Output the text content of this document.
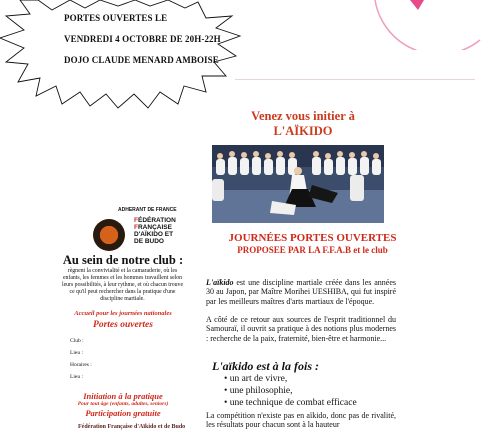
PORTES OUVERTES LE
VENDREDI 4 OCTOBRE DE 20H-22H
DOJO CLAUDE MENARD AMBOISE
Venez vous initier à
L'AÏKIDO
JOURNÉES PORTES OUVERTES
PROPOSEE PAR LA F.F.A.B et le club
L'aïkido est une discipline martiale créée dans les années 30 au Japon, par Maître Morihei UESHIBA, qui fut inspiré par les meilleurs maîtres d'arts martiaux de l'époque.
A côté de ce retour aux sources de l'esprit traditionnel du Samouraï, il ouvrit sa pratique à des notions plus modernes : recherche de la paix, fraternité, bien-être et harmonie...
L'aïkido est à la fois :
• un art de vivre,
• une philosophie,
• une technique de combat efficace
La compétition n'existe pas en aïkido, donc pas de rivalité, les résultats pour chacun sont à la hauteur
ADHERANT DE FRANCE
FÉDÉRATION
FRANÇAISE
D'AÏKIDO ET
DE BUDO
Au sein de notre club :
règnent la convivialité et la camaraderie, où les enfants, les femmes et les hommes travaillent selon leurs possibilités, à leur rythme, et où chacun trouve ce qu'il peut rechercher dans la pratique d'une discipline martiale.
Accueil pour les journées nationales
Portes ouvertes
Club :
Lieu :
Horaires :
Lieu :
Initiation à la pratique
Pour tout âge (enfants, adultes, seniors)
Participation gratuite
Fédération Française d'Aïkido et de Budo
